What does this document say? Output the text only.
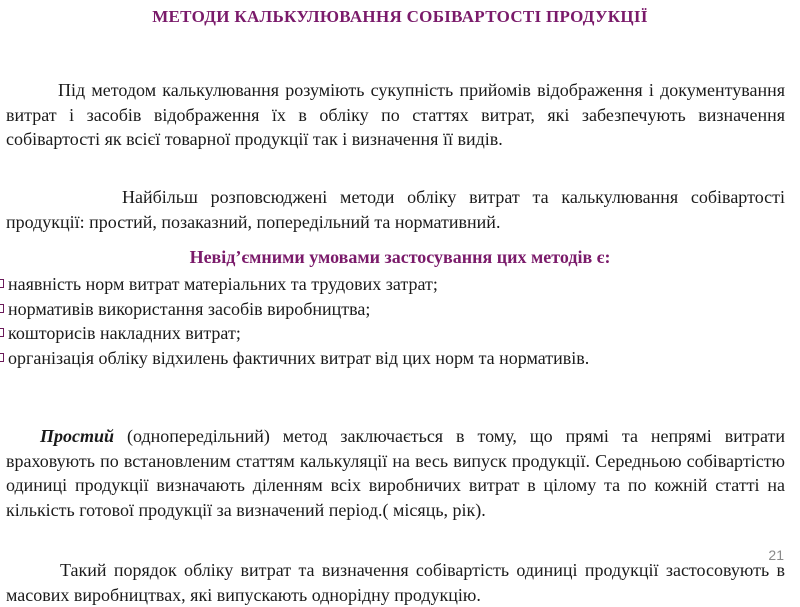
МЕТОДИ КАЛЬКУЛЮВАННЯ СОБІВАРТОСТІ ПРОДУКЦІЇ

Під методом калькулювання розуміють сукупність прийомів відображення і документування витрат і засобів відображення їх в обліку по статтях витрат, які забезпечують визначення собівартості як всієї товарної продукції так і визначення її видів.

Найбільш розповсюджені методи обліку витрат та калькулювання собівартості продукції: простий, позаказний, попередільний та нормативний.

Невід’ємними умовами застосування цих методів є:
наявність норм витрат матеріальних та трудових затрат;
нормативів використання засобів виробництва;
кошторисів накладних витрат;
організація обліку відхилень фактичних витрат від цих норм та нормативів.

Простий (однопередільний) метод заключається в тому, що прямі та непрямі витрати враховують по встановленим статтям калькуляції на весь випуск продукції. Середньою собівартістю одиниці продукції визначають діленням всіх виробничих витрат в цілому та по кожній статті на кількість готової продукції за визначений період.( місяць, рік).

Такий порядок обліку витрат та визначення собівартість одиниці продукції застосовують в масових виробництвах, які випускають однорідну продукцію.

21
